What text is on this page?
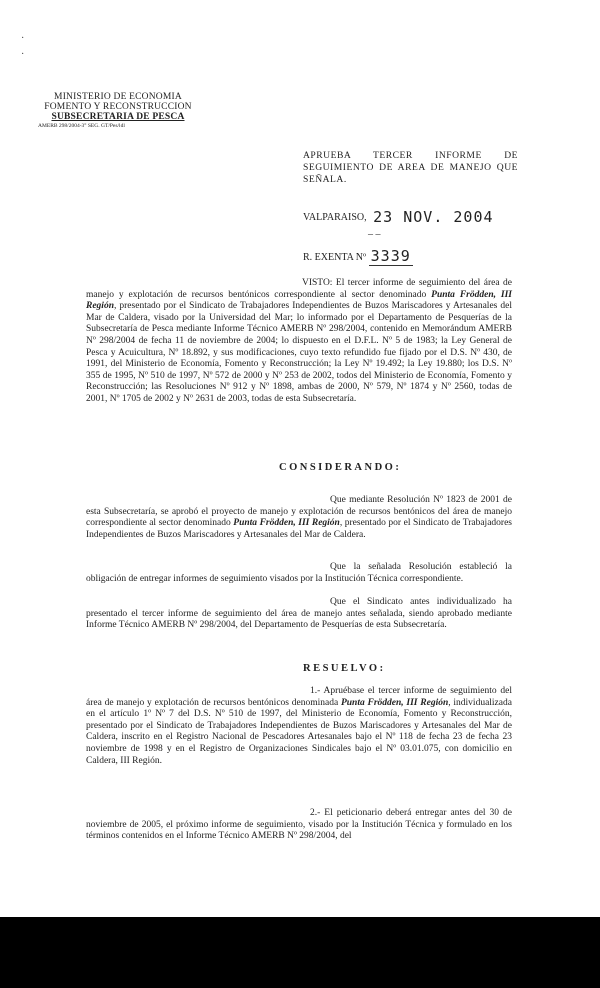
·
·
MINISTERIO DE ECONOMIA
FOMENTO Y RECONSTRUCCION
SUBSECRETARIA DE PESCA
AMERB 298/2004-3° SEG. GT/Pes/ldl
APRUEBA TERCER INFORME DE SEGUIMIENTO DE AREA DE MANEJO QUE SEÑALA.
VALPARAISO, 23 NOV. 2004
– –
R. EXENTA Nº 3339
VISTO: El tercer informe de seguimiento del área de manejo y explotación de recursos bentónicos correspondiente al sector denominado Punta Frödden, III Región, presentado por el Sindicato de Trabajadores Independientes de Buzos Mariscadores y Artesanales del Mar de Caldera, visado por la Universidad del Mar; lo informado por el Departamento de Pesquerías de la Subsecretaría de Pesca mediante Informe Técnico AMERB Nº 298/2004, contenido en Memorándum AMERB Nº 298/2004 de fecha 11 de noviembre de 2004; lo dispuesto en el D.F.L. Nº 5 de 1983; la Ley General de Pesca y Acuicultura, Nº 18.892, y sus modificaciones, cuyo texto refundido fue fijado por el D.S. Nº 430, de 1991, del Ministerio de Economía, Fomento y Reconstrucción; la Ley Nº 19.492; la Ley 19.880; los D.S. Nº 355 de 1995, Nº 510 de 1997, Nº 572 de 2000 y Nº 253 de 2002, todos del Ministerio de Economía, Fomento y Reconstrucción; las Resoluciones Nº 912 y Nº 1898, ambas de 2000, Nº 579, Nº 1874 y Nº 2560, todas de 2001, Nº 1705 de 2002 y Nº 2631 de 2003, todas de esta Subsecretaría.
CONSIDERANDO:
Que mediante Resolución Nº 1823 de 2001 de esta Subsecretaría, se aprobó el proyecto de manejo y explotación de recursos bentónicos del área de manejo correspondiente al sector denominado Punta Frödden, III Región, presentado por el Sindicato de Trabajadores Independientes de Buzos Mariscadores y Artesanales del Mar de Caldera.
Que la señalada Resolución estableció la obligación de entregar informes de seguimiento visados por la Institución Técnica correspondiente.
Que el Sindicato antes individualizado ha presentado el tercer informe de seguimiento del área de manejo antes señalada, siendo aprobado mediante Informe Técnico AMERB Nº 298/2004, del Departamento de Pesquerías de esta Subsecretaría.
RESUELVO:
1.- Apruébase el tercer informe de seguimiento del área de manejo y explotación de recursos bentónicos denominada Punta Frödden, III Región, individualizada en el artículo 1º Nº 7 del D.S. Nº 510 de 1997, del Ministerio de Economía, Fomento y Reconstrucción, presentado por el Sindicato de Trabajadores Independientes de Buzos Mariscadores y Artesanales del Mar de Caldera, inscrito en el Registro Nacional de Pescadores Artesanales bajo el Nº 118 de fecha 23 de fecha 23 noviembre de 1998 y en el Registro de Organizaciones Sindicales bajo el Nº 03.01.075, con domicilio en Caldera, III Región.
2.- El peticionario deberá entregar antes del 30 de noviembre de 2005, el próximo informe de seguimiento, visado por la Institución Técnica y formulado en los términos contenidos en el Informe Técnico AMERB Nº 298/2004, del
